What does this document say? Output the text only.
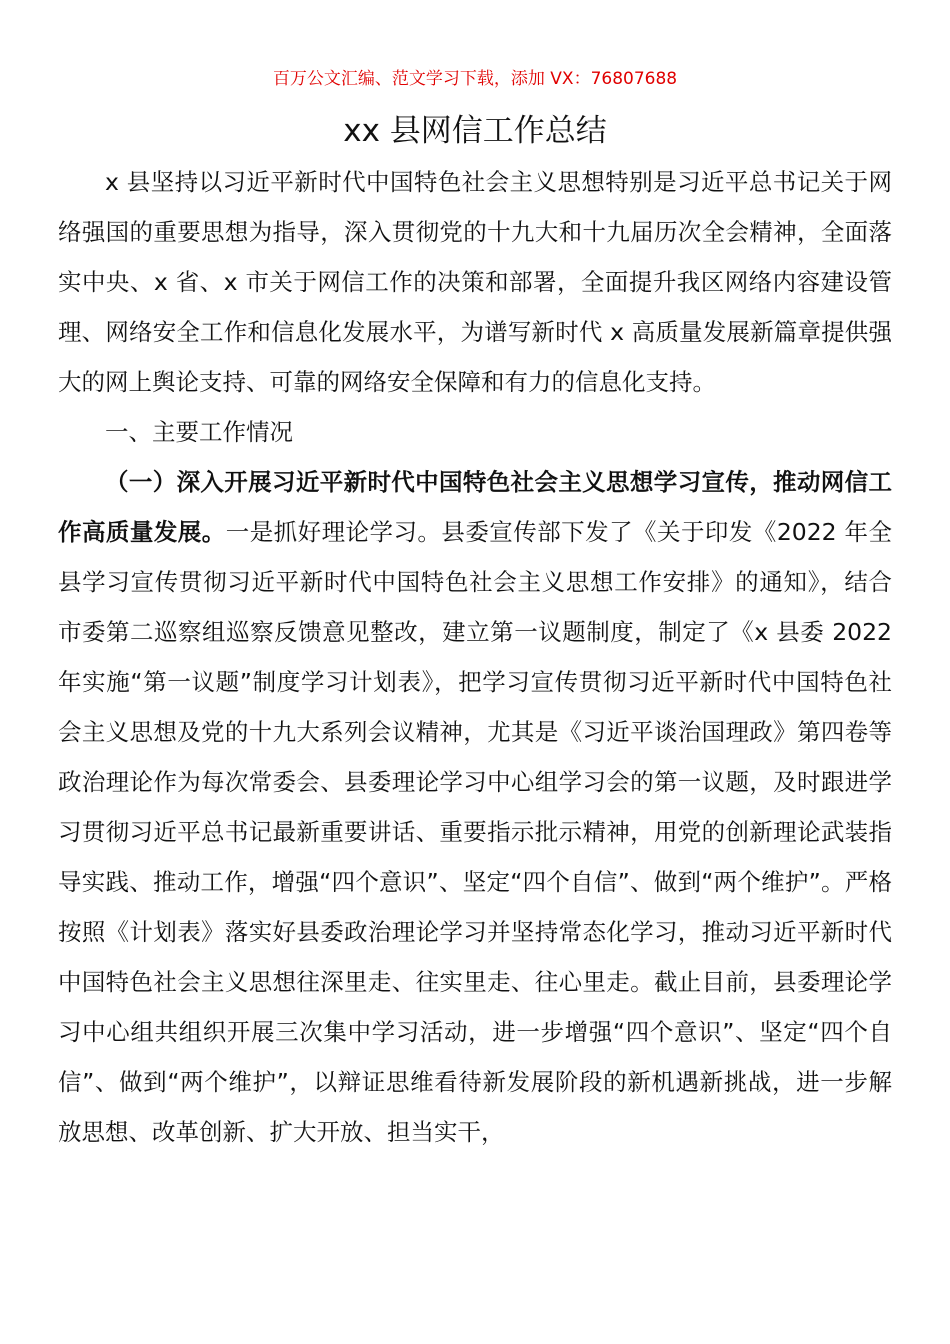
百万公文汇编、范文学习下载，添加 VX：76807688
xx 县网信工作总结

x 县坚持以习近平新时代中国特色社会主义思想特别是习近平总书记关于网络强国的重要思想为指导，深入贯彻党的十九大和十九届历次全会精神，全面落实中央、x 省、x 市关于网信工作的决策和部署，全面提升我区网络内容建设管理、网络安全工作和信息化发展水平，为谱写新时代 x 高质量发展新篇章提供强大的网上舆论支持、可靠的网络安全保障和有力的信息化支持。

一、主要工作情况

（一）深入开展习近平新时代中国特色社会主义思想学习宣传，推动网信工作高质量发展。一是抓好理论学习。县委宣传部下发了《关于印发《2022 年全县学习宣传贯彻习近平新时代中国特色社会主义思想工作安排》的通知》，结合市委第二巡察组巡察反馈意见整改，建立第一议题制度，制定了《x 县委 2022 年实施“第一议题”制度学习计划表》，把学习宣传贯彻习近平新时代中国特色社会主义思想及党的十九大系列会议精神，尤其是《习近平谈治国理政》第四卷等政治理论作为每次常委会、县委理论学习中心组学习会的第一议题，及时跟进学习贯彻习近平总书记最新重要讲话、重要指示批示精神，用党的创新理论武装指导实践、推动工作，增强“四个意识”、坚定“四个自信”、做到“两个维护”。严格按照《计划表》落实好县委政治理论学习并坚持常态化学习，推动习近平新时代中国特色社会主义思想往深里走、往实里走、往心里走。截止目前，县委理论学习中心组共组织开展三次集中学习活动，进一步增强“四个意识”、坚定“四个自信”、做到“两个维护”，以辩证思维看待新发展阶段的新机遇新挑战，进一步解放思想、改革创新、扩大开放、担当实干，
